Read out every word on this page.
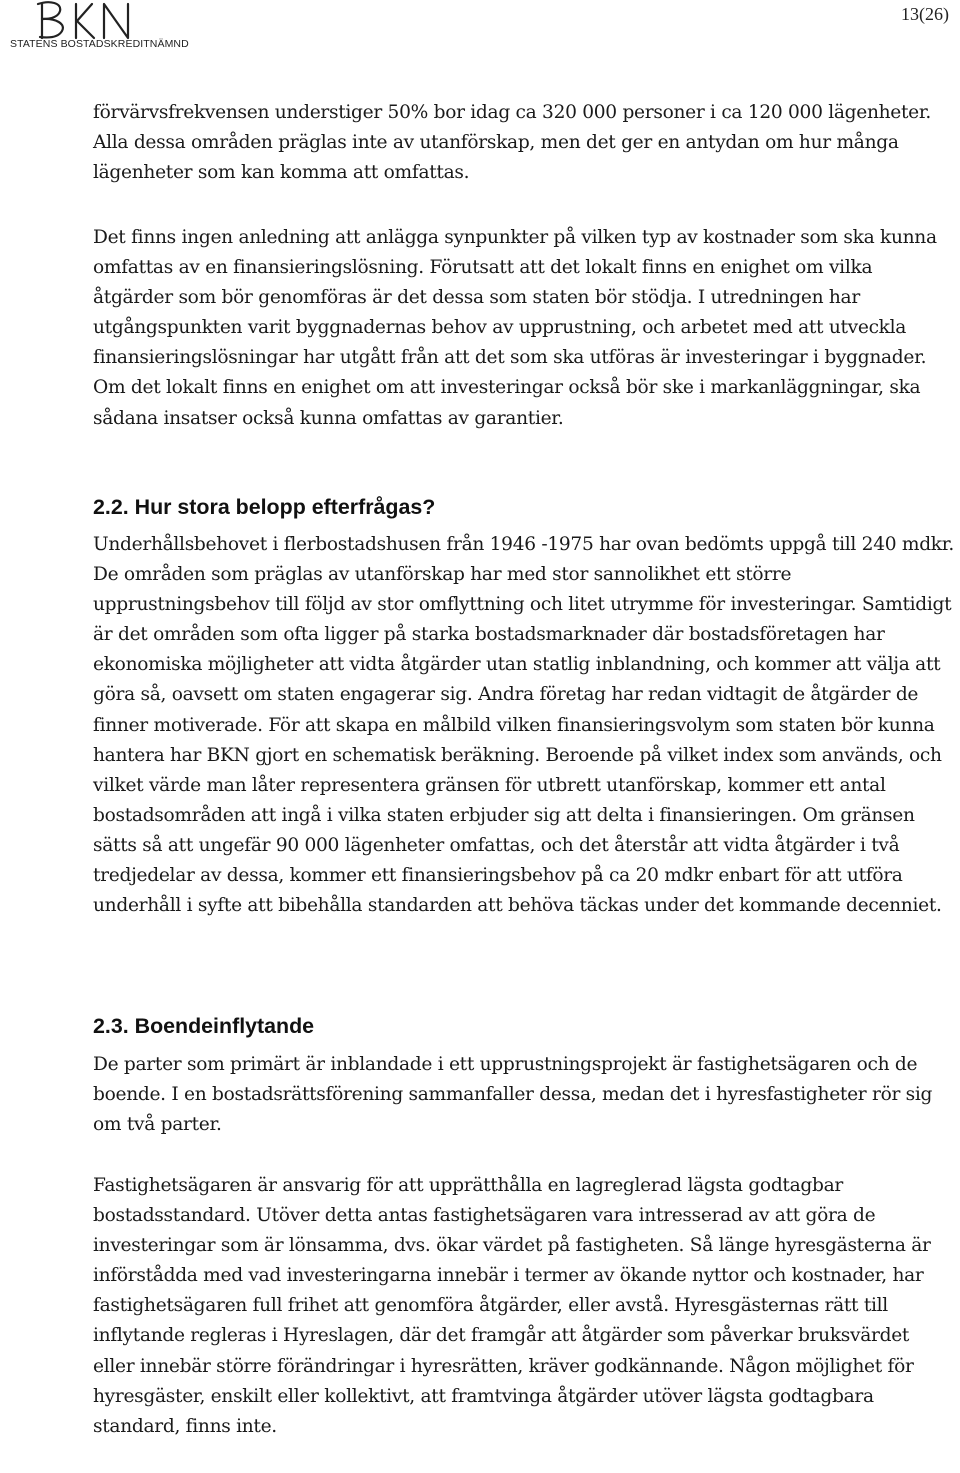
STATENS BOSTADSKREDITNÄMND
13(26)

förvärvsfrekvensen understiger 50% bor idag ca 320 000 personer i ca 120 000 lägenheter. Alla dessa områden präglas inte av utanförskap, men det ger en antydan om hur många lägenheter som kan komma att omfattas.

Det finns ingen anledning att anlägga synpunkter på vilken typ av kostnader som ska kunna omfattas av en finansieringslösning. Förutsatt att det lokalt finns en enighet om vilka åtgärder som bör genomföras är det dessa som staten bör stödja. I utredningen har utgångspunkten varit byggnadernas behov av upprustning, och arbetet med att utveckla finansieringslösningar har utgått från att det som ska utföras är investeringar i byggnader. Om det lokalt finns en enighet om att investeringar också bör ske i markanläggningar, ska sådana insatser också kunna omfattas av garantier.

2.2. Hur stora belopp efterfrågas?

Underhållsbehovet i flerbostadshusen från 1946 -1975 har ovan bedömts uppgå till 240 mdkr. De områden som präglas av utanförskap har med stor sannolikhet ett större upprustningsbehov till följd av stor omflyttning och litet utrymme för investeringar. Samtidigt är det områden som ofta ligger på starka bostadsmarknader där bostadsföretagen har ekonomiska möjligheter att vidta åtgärder utan statlig inblandning, och kommer att välja att göra så, oavsett om staten engagerar sig. Andra företag har redan vidtagit de åtgärder de finner motiverade. För att skapa en målbild vilken finansieringsvolym som staten bör kunna hantera har BKN gjort en schematisk beräkning. Beroende på vilket index som används, och vilket värde man låter representera gränsen för utbrett utanförskap, kommer ett antal bostadsområden att ingå i vilka staten erbjuder sig att delta i finansieringen. Om gränsen sätts så att ungefär 90 000 lägenheter omfattas, och det återstår att vidta åtgärder i två tredjedelar av dessa, kommer ett finansieringsbehov på ca 20 mdkr enbart för att utföra underhåll i syfte att bibehålla standarden att behöva täckas under det kommande decenniet.

2.3. Boendeinflytande

De parter som primärt är inblandade i ett upprustningsprojekt är fastighetsägaren och de boende. I en bostadsrättsförening sammanfaller dessa, medan det i hyresfastigheter rör sig om två parter.

Fastighetsägaren är ansvarig för att upprätthålla en lagreglerad lägsta godtagbar bostadsstandard. Utöver detta antas fastighetsägaren vara intresserad av att göra de investeringar som är lönsamma, dvs. ökar värdet på fastigheten. Så länge hyresgästerna är införstådda med vad investeringarna innebär i termer av ökande nyttor och kostnader, har fastighetsägaren full frihet att genomföra åtgärder, eller avstå. Hyresgästernas rätt till inflytande regleras i Hyreslagen, där det framgår att åtgärder som påverkar bruksvärdet eller innebär större förändringar i hyresrätten, kräver godkännande. Någon möjlighet för hyresgäster, enskilt eller kollektivt, att framtvinga åtgärder utöver lägsta godtagbara standard, finns inte.
